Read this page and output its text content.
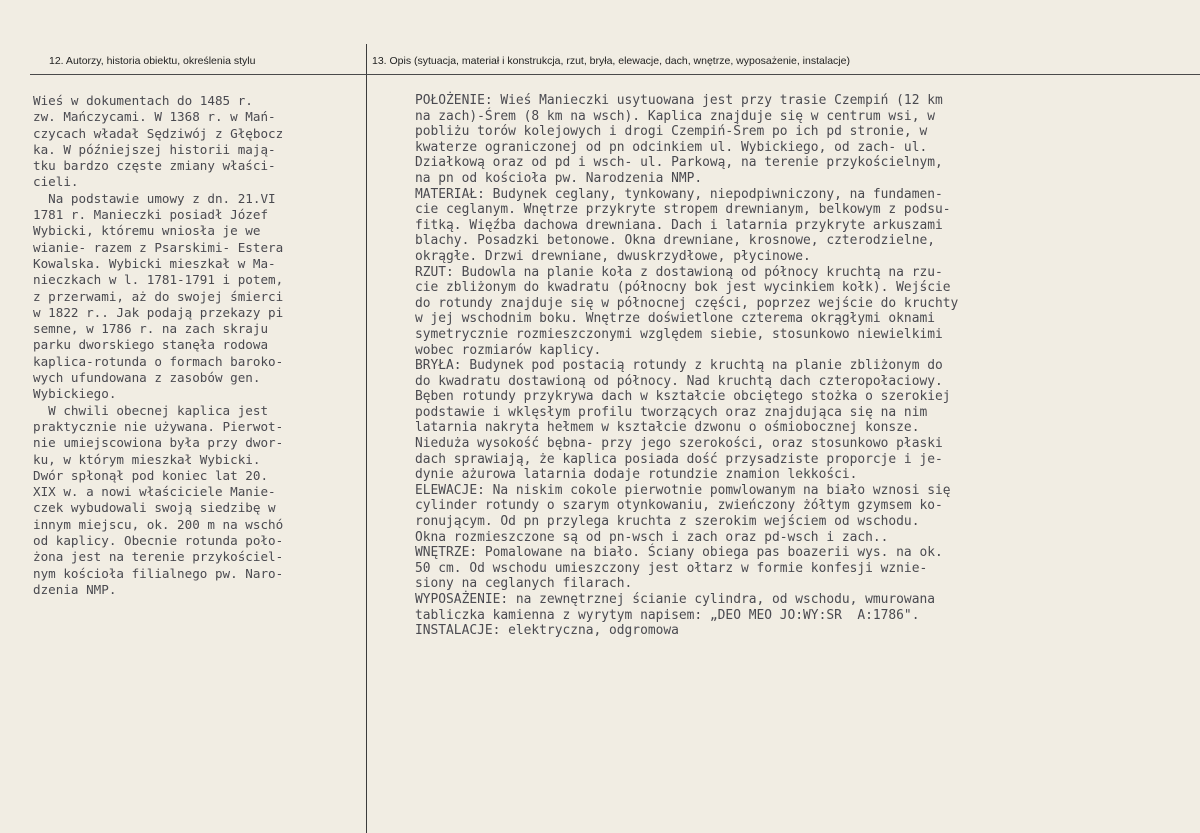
12. Autorzy, historia obiektu, określenia stylu	13. Opis (sytuacja, materiał i konstrukcja, rzut, bryła, elewacje, dach, wnętrze, wyposażenie, instalacje)
Wieś w dokumentach do 1485 r.
zw. Mańczycami. W 1368 r. w Mań-
czycach władał Sędziwój z Głębocz
ka. W późniejszej historii mają-
tku bardzo częste zmiany właści-
cieli.
Na podstawie umowy z dn. 21.VI
1781 r. Manieczki posiadł Józef
Wybicki, któremu wniosła je we
wianie- razem z Psarskimi- Estera
Kowalska. Wybicki mieszkał w Ma-
nieczkach w l. 1781-1791 i potem,
z przerwami, aż do swojej śmierci
w 1822 r.. Jak podają przekazy pi
semne, w 1786 r. na zach skraju
parku dworskiego stanęła rodowa
kaplica-rotunda o formach baroko-
wych ufundowana z zasobów gen.
Wybickiego.
W chwili obecnej kaplica jest
praktycznie nie używana. Pierwot-
nie umiejscowiona była przy dwor-
ku, w którym mieszkał Wybicki.
Dwór spłonął pod koniec lat 20.
XIX w. a nowi właściciele Manie-
czek wybudowali swoją siedzibę w
innym miejscu, ok. 200 m na wschó
od kaplicy. Obecnie rotunda poło-
żona jest na terenie przykościel-
nym kościoła filialnego pw. Naro-
dzenia NMP.
POŁOŻENIE: Wieś Manieczki usytuowana jest przy trasie Czempiń (12 km
na zach)-Śrem (8 km na wsch). Kaplica znajduje się w centrum wsi, w
pobliżu torów kolejowych i drogi Czempiń-Śrem po ich pd stronie, w
kwaterze ograniczonej od pn odcinkiem ul. Wybickiego, od zach- ul.
Działkową oraz od pd i wsch- ul. Parkową, na terenie przykościelnym,
na pn od kościoła pw. Narodzenia NMP.
MATERIAŁ: Budynek ceglany, tynkowany, niepodpiwniczony, na fundamen-
cie ceglanym. Wnętrze przykryte stropem drewnianym, belkowym z podsu-
fitką. Więźba dachowa drewniana. Dach i latarnia przykryte arkuszami
blachy. Posadzki betonowe. Okna drewniane, krosnowe, czterodzielne,
okrągłe. Drzwi drewniane, dwuskrzydłowe, płycinowe.
RZUT: Budowla na planie koła z dostawioną od północy kruchtą na rzu-
cie zbliżonym do kwadratu (północny bok jest wycinkiem kołk). Wejście
do rotundy znajduje się w północnej części, poprzez wejście do kruchty
w jej wschodnim boku. Wnętrze doświetlone czterema okrągłymi oknami
symetrycznie rozmieszczonymi względem siebie, stosunkowo niewielkimi
wobec rozmiarów kaplicy.
BRYŁA: Budynek pod postacią rotundy z kruchtą na planie zbliżonym do
do kwadratu dostawioną od północy. Nad kruchtą dach czteropołaciowy.
Bęben rotundy przykrywa dach w kształcie obciętego stożka o szerokiej
podstawie i wklęsłym profilu tworzących oraz znajdująca się na nim
latarnia nakryta hełmem w kształcie dzwonu o ośmiobocznej konsze.
Nieduża wysokość bębna- przy jego szerokości, oraz stosunkowo płaski
dach sprawiają, że kaplica posiada dość przysadziste proporcje i je-
dynie ażurowa latarnia dodaje rotundzie znamion lekkości.
ELEWACJE: Na niskim cokole pierwotnie pomwlowanym na biało wznosi się
cylinder rotundy o szarym otynkowaniu, zwieńczony żółtym gzymsem ko-
ronującym. Od pn przylega kruchta z szerokim wejściem od wschodu.
Okna rozmieszczone są od pn-wsch i zach oraz pd-wsch i zach..
WNĘTRZE: Pomalowane na biało. Ściany obiega pas boazerii wys. na ok.
50 cm. Od wschodu umieszczony jest ołtarz w formie konfesji wznie-
siony na ceglanych filarach.
WYPOSAŻENIE: na zewnętrznej ścianie cylindra, od wschodu, wmurowana
tabliczka kamienna z wyrytym napisem: „DEO MEO JO:WY:SR  A:1786".
INSTALACJE: elektryczna, odgromowa
